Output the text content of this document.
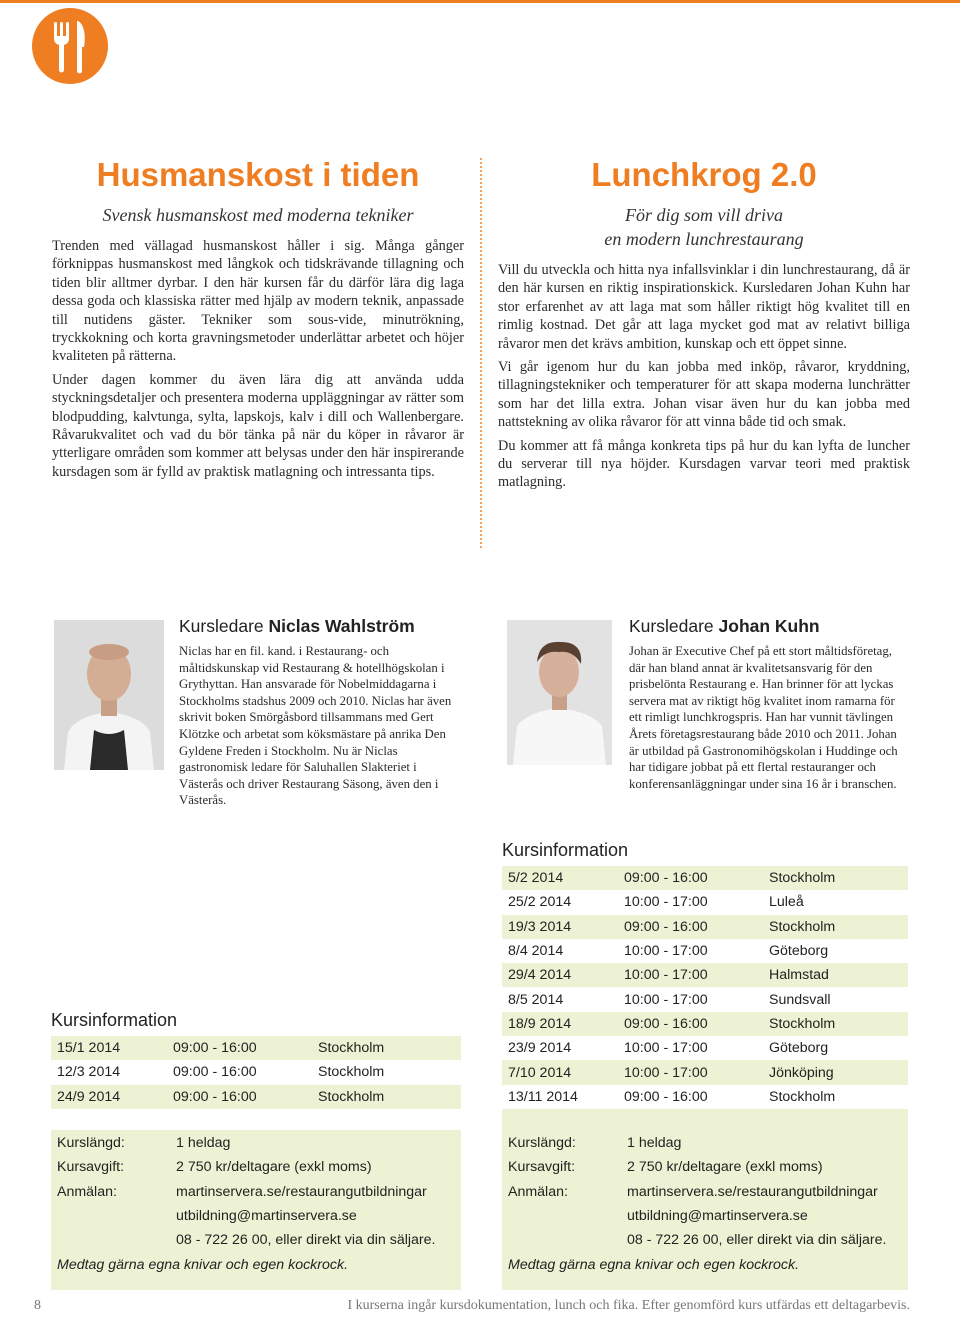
Husmanskost i tiden
Svensk husmanskost med moderna tekniker

Trenden med vällagad husmanskost håller i sig. Många gånger förknippas husmanskost med långkok och tidskrävande tillagning och tiden blir alltmer dyrbar. I den här kursen får du därför lära dig laga dessa goda och klassiska rätter med hjälp av modern teknik, anpassade till nutidens gäster. Tekniker som sous-vide, minutrökning, tryckkokning och korta gravningsmetoder underlättar arbetet och höjer kvaliteten på rätterna.

Under dagen kommer du även lära dig att använda udda styckningsdetaljer och presentera moderna uppläggningar av rätter som blodpudding, kalvtunga, sylta, lapskojs, kalv i dill och Wallenbergare. Råvarukvalitet och vad du bör tänka på när du köper in råvaror är ytterligare områden som kommer att belysas under den här inspirerande kursdagen som är fylld av praktisk matlagning och intressanta tips.

Lunchkrog 2.0
För dig som vill driva
en modern lunchrestaurang

Vill du utveckla och hitta nya infallsvinklar i din lunchrestaurang, då är den här kursen en riktig inspirationskick. Kursledaren Johan Kuhn har stor erfarenhet av att laga mat som håller riktigt hög kvalitet till en rimlig kostnad. Det går att laga mycket god mat av relativt billiga råvaror men det krävs ambition, kunskap och ett öppet sinne.

Vi går igenom hur du kan jobba med inköp, råvaror, kryddning, tillagningstekniker och temperaturer för att skapa moderna lunchrätter som har det lilla extra. Johan visar även hur du kan jobba med nattstekning av olika råvaror för att vinna både tid och smak.

Du kommer att få många konkreta tips på hur du kan lyfta de luncher du serverar till nya höjder. Kursdagen varvar teori med praktisk matlagning.

Kursledare Niclas Wahlström
Niclas har en fil. kand. i Restaurang- och måltidskunskap vid Restaurang & hotellhögskolan i Grythyttan. Han ansvarade för Nobelmiddagarna i Stockholms stadshus 2009 och 2010. Niclas har även skrivit boken Smörgåsbord tillsammans med Gert Klötzke och arbetat som köksmästare på anrika Den Gyldene Freden i Stockholm. Nu är Niclas gastronomisk ledare för Saluhallen Slakteriet i Västerås och driver Restaurang Säsong, även den i Västerås.
Kursledare Johan Kuhn
Johan är Executive Chef på ett stort måltidsföretag, där han bland annat är kvalitetsansvarig för den prisbelönta Restaurang e. Han brinner för att lyckas servera mat av riktigt hög kvalitet inom ramarna för ett rimligt lunchkrogspris. Han har vunnit tävlingen Årets företagsrestaurang både 2010 och 2011. Johan är utbildad på Gastronomihögskolan i Huddinge och har tidigare jobbat på ett flertal restauranger och konferensanläggningar under sina 16 år i branschen.
Kursinformation
15/1 2014	09:00 - 16:00	Stockholm
12/3 2014	09:00 - 16:00	Stockholm
24/9 2014	09:00 - 16:00	Stockholm
Kursinformation
5/2 2014	09:00 - 16:00	Stockholm
25/2 2014	10:00 - 17:00	Luleå
19/3 2014	09:00 - 16:00	Stockholm
8/4 2014	10:00 - 17:00	Göteborg
29/4 2014	10:00 - 17:00	Halmstad
8/5 2014	10:00 - 17:00	Sundsvall
18/9 2014	09:00 - 16:00	Stockholm
23/9 2014	10:00 - 17:00	Göteborg
7/10 2014	10:00 - 17:00	Jönköping
13/11 2014	09:00 - 16:00	Stockholm
Kurslängd:	1 heldag
Kursavgift:	2 750 kr/deltagare (exkl moms)
Anmälan:	martinservera.se/restaurangutbildningar
utbildning@martinservera.se
08 - 722 26 00, eller direkt via din säljare.
Medtag gärna egna knivar och egen kockrock.
Kurslängd:	1 heldag
Kursavgift:	2 750 kr/deltagare (exkl moms)
Anmälan:	martinservera.se/restaurangutbildningar
utbildning@martinservera.se
08 - 722 26 00, eller direkt via din säljare.
Medtag gärna egna knivar och egen kockrock.
8	I kurserna ingår kursdokumentation, lunch och fika. Efter genomförd kurs utfärdas ett deltagarbevis.
